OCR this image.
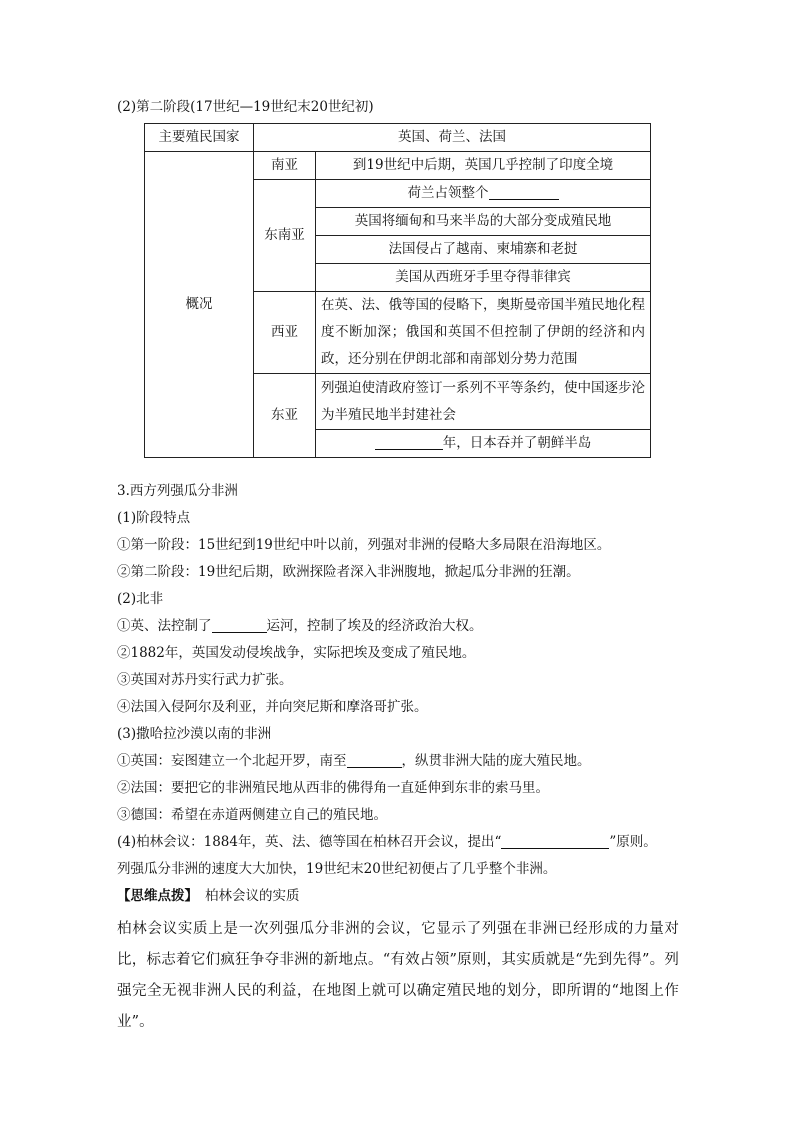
(2)第二阶段(17世纪—19世纪末20世纪初)
主要殖民国家	英国、荷兰、法国	
概况	南亚	到19世纪中后期，英国几乎控制了印度全境
	东南亚	荷兰占领整个
		英国将缅甸和马来半岛的大部分变成殖民地
		法国侵占了越南、柬埔寨和老挝
		美国从西班牙手里夺得菲律宾
	西亚	在英、法、俄等国的侵略下，奥斯曼帝国半殖民地化程度不断加深；俄国和英国不但控制了伊朗的经济和内政，还分别在伊朗北部和南部划分势力范围
	东亚	列强迫使清政府签订一系列不平等条约，使中国逐步沦为半殖民地半封建社会
		年，日本吞并了朝鲜半岛
3.西方列强瓜分非洲
(1)阶段特点
①第一阶段：15世纪到19世纪中叶以前，列强对非洲的侵略大多局限在沿海地区。
②第二阶段：19世纪后期，欧洲探险者深入非洲腹地，掀起瓜分非洲的狂潮。
(2)北非
①英、法控制了	运河，控制了埃及的经济政治大权。
②1882年，英国发动侵埃战争，实际把埃及变成了殖民地。
③英国对苏丹实行武力扩张。
④法国入侵阿尔及利亚，并向突尼斯和摩洛哥扩张。
(3)撒哈拉沙漠以南的非洲
①英国：妄图建立一个北起开罗，南至	，纵贯非洲大陆的庞大殖民地。
②法国：要把它的非洲殖民地从西非的佛得角一直延伸到东非的索马里。
③德国：希望在赤道两侧建立自己的殖民地。
(4)柏林会议：1884年，英、法、德等国在柏林召开会议，提出“	”原则。
列强瓜分非洲的速度大大加快，19世纪末20世纪初便占了几乎整个非洲。
【思维点拨】 柏林会议的实质
柏林会议实质上是一次列强瓜分非洲的会议，它显示了列强在非洲已经形成的力量对比，标志着它们疯狂争夺非洲的新地点。“有效占领”原则，其实质就是“先到先得”。列强完全无视非洲人民的利益，在地图上就可以确定殖民地的划分，即所谓的“地图上作业”。
